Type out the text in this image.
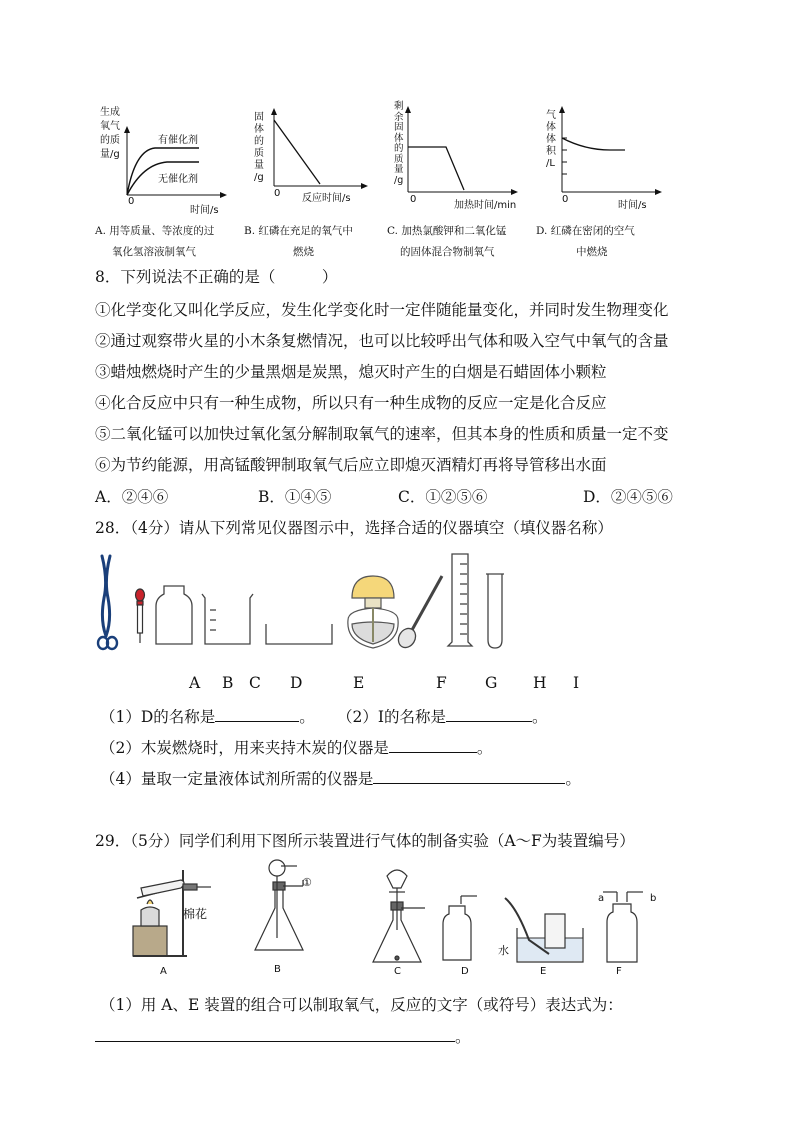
生成
氧气
的质
量/g
有催化剂
无催化剂
0
时间/s
固
体
的
质
量
/g
0 反应时间/s
剩
余
固
体
的
质
量
/g
0
加热时间/min
气
体
体
积
/L
0
时间/s
A. 用等质量、等浓度的过
氧化氢溶液制氧气
B. 红磷在充足的氧气中
燃烧
C. 加热氯酸钾和二氧化锰
的固体混合物制氧气
D. 红磷在密闭的空气
中燃烧
8．下列说法不正确的是（　　　）
①化学变化又叫化学反应，发生化学变化时一定伴随能量变化，并同时发生物理变化
②通过观察带火星的小木条复燃情况，也可以比较呼出气体和吸入空气中氧气的含量
③蜡烛燃烧时产生的少量黑烟是炭黑，熄灭时产生的白烟是石蜡固体小颗粒
④化合反应中只有一种生成物，所以只有一种生成物的反应一定是化合反应
⑤二氧化锰可以加快过氧化氢分解制取氧气的速率，但其本身的性质和质量一定不变
⑥为节约能源，用高锰酸钾制取氧气后应立即熄灭酒精灯再将导管移出水面
A．②④⑥	B．①④⑤	C．①②⑤⑥	D．②④⑤⑥
28．（4分）请从下列常见仪器图示中，选择合适的仪器填空（填仪器名称）
A B C D	E	F G H I
（1）D的名称是	。 （2）I的名称是	。
（2）木炭燃烧时，用来夹持木炭的仪器是	。
（4）量取一定量液体试剂所需的仪器是	。
29．（5分）同学们利用下图所示装置进行气体的制备实验（A～F为装置编号）
棉花
①
水
a	b
A	B	C	D	E	F
（1）用 A、E 装置的组合可以制取氧气，反应的文字（或符号）表达式为：
。
